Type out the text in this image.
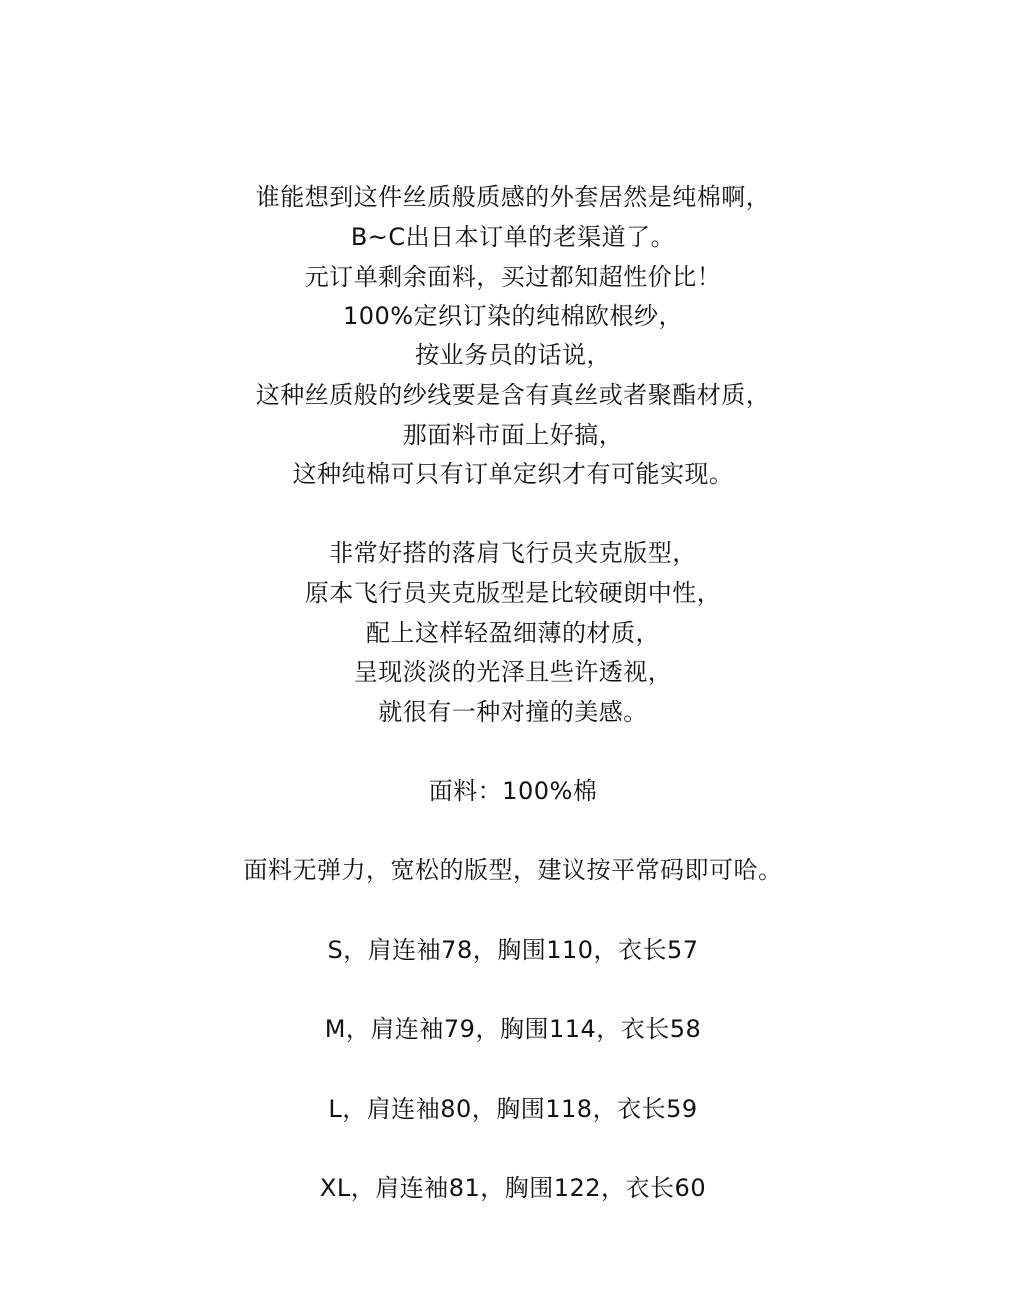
谁能想到这件丝质般质感的外套居然是纯棉啊，
B~C出日本订单的老渠道了。
元订单剩余面料，买过都知超性价比！
100%定织订染的纯棉欧根纱，
按业务员的话说，
这种丝质般的纱线要是含有真丝或者聚酯材质，
那面料市面上好搞，
这种纯棉可只有订单定织才有可能实现。
非常好搭的落肩飞行员夹克版型，
原本飞行员夹克版型是比较硬朗中性，
配上这样轻盈细薄的材质，
呈现淡淡的光泽且些许透视，
就很有一种对撞的美感。
面料：100%棉
面料无弹力，宽松的版型，建议按平常码即可哈。
S，肩连袖78，胸围110，衣长57
M，肩连袖79，胸围114，衣长58
L，肩连袖80，胸围118，衣长59
XL，肩连袖81，胸围122，衣长60
